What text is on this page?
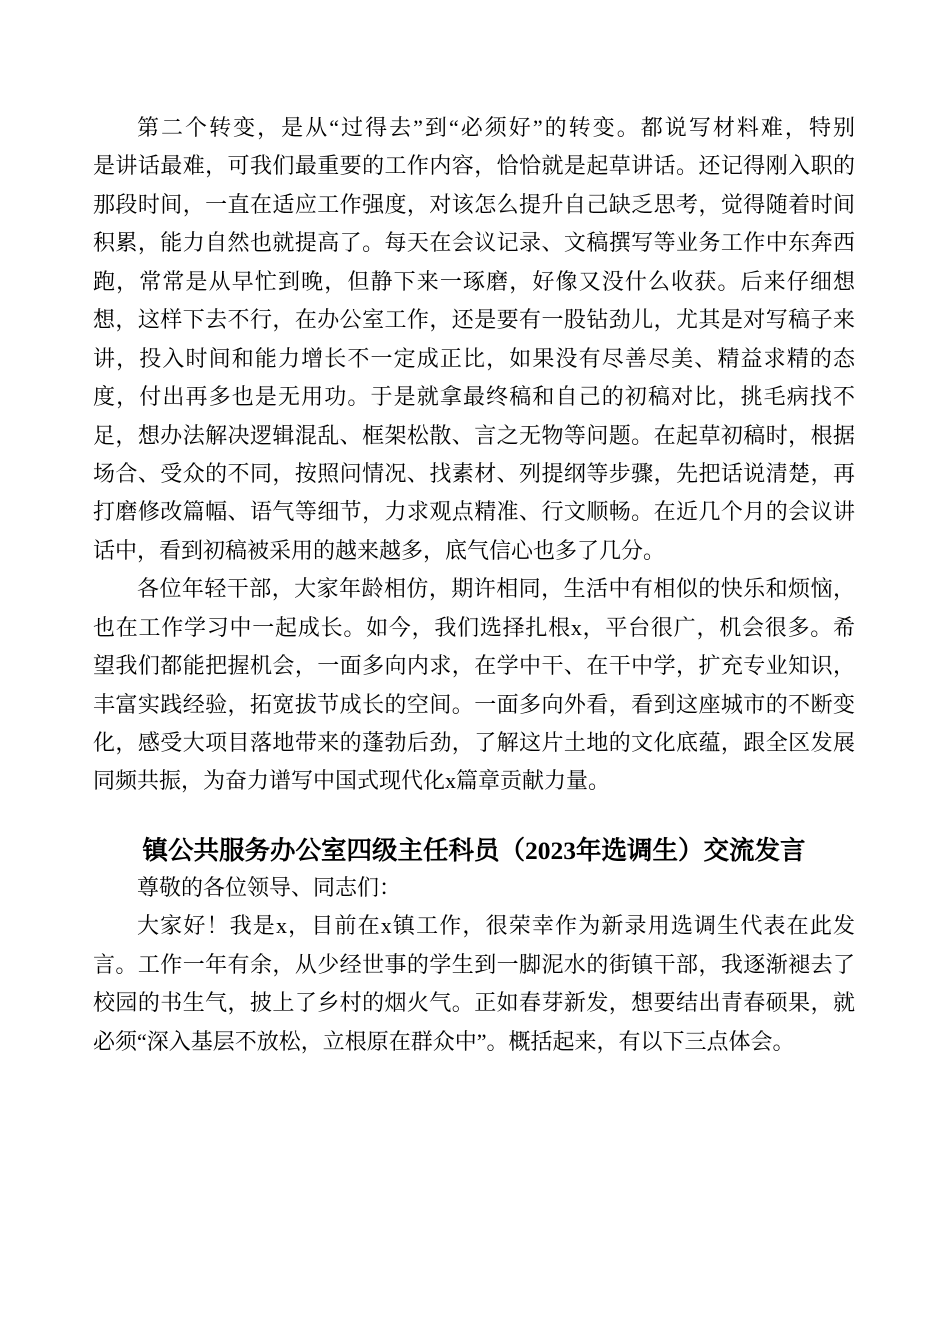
第二个转变，是从“过得去”到“必须好”的转变。都说写材料难，特别
是讲话最难，可我们最重要的工作内容，恰恰就是起草讲话。还记得刚入职的
那段时间，一直在适应工作强度，对该怎么提升自己缺乏思考，觉得随着时间
积累，能力自然也就提高了。每天在会议记录、文稿撰写等业务工作中东奔西
跑，常常是从早忙到晚，但静下来一琢磨，好像又没什么收获。后来仔细想
想，这样下去不行，在办公室工作，还是要有一股钻劲儿，尤其是对写稿子来
讲，投入时间和能力增长不一定成正比，如果没有尽善尽美、精益求精的态
度，付出再多也是无用功。于是就拿最终稿和自己的初稿对比，挑毛病找不
足，想办法解决逻辑混乱、框架松散、言之无物等问题。在起草初稿时，根据
场合、受众的不同，按照问情况、找素材、列提纲等步骤，先把话说清楚，再
打磨修改篇幅、语气等细节，力求观点精准、行文顺畅。在近几个月的会议讲
话中，看到初稿被采用的越来越多，底气信心也多了几分。
各位年轻干部，大家年龄相仿，期许相同，生活中有相似的快乐和烦恼，
也在工作学习中一起成长。如今，我们选择扎根x，平台很广，机会很多。希
望我们都能把握机会，一面多向内求，在学中干、在干中学，扩充专业知识，
丰富实践经验，拓宽拔节成长的空间。一面多向外看，看到这座城市的不断变
化，感受大项目落地带来的蓬勃后劲，了解这片土地的文化底蕴，跟全区发展
同频共振，为奋力谱写中国式现代化x篇章贡献力量。
镇公共服务办公室四级主任科员（2023年选调生）交流发言
尊敬的各位领导、同志们：
大家好！我是x，目前在x镇工作，很荣幸作为新录用选调生代表在此发
言。工作一年有余，从少经世事的学生到一脚泥水的街镇干部，我逐渐褪去了
校园的书生气，披上了乡村的烟火气。正如春芽新发，想要结出青春硕果，就
必须“深入基层不放松，立根原在群众中”。概括起来，有以下三点体会。
